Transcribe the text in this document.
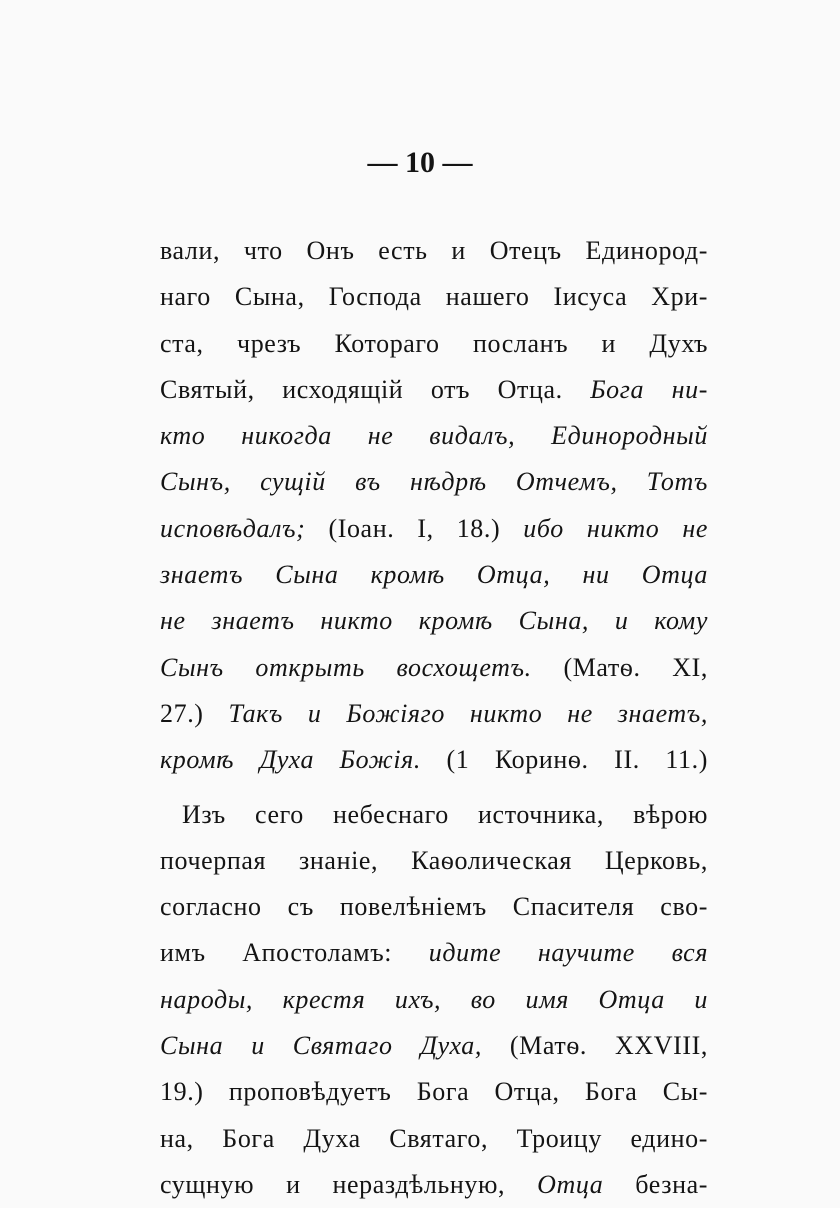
— 10 —
вали, что Онъ есть и Отецъ Единород-
наго Сына, Господа нашего Іисуса Хри-
ста, чрезъ Котораго посланъ и Духъ
Святый, исходящій отъ Отца. Бога ни-
кто никогда не видалъ, Единородный
Сынъ, сущій въ нѣдрѣ Отчемъ, Тотъ
исповѣдалъ; (Іоан. I, 18.) ибо никто не
знаетъ Сына кромѣ Отца, ни Отца
не знаетъ никто кромѣ Сына, и кому
Сынъ открыть восхощетъ. (Матѳ. XI,
27.) Такъ и Божіяго никто не знаетъ,
кромѣ Духа Божія. (1 Коринѳ. II. 11.)
Изъ сего небеснаго источника, вѣрою
почерпая знаніе, Каѳолическая Церковь,
согласно съ повелѣніемъ Спасителя сво-
имъ Апостоламъ: идите научите вся
народы, крестя ихъ, во имя Отца и
Сына и Святаго Духа, (Матѳ. XXVIII,
19.) проповѣдуетъ Бога Отца, Бога Сы-
на, Бога Духа Святаго, Троицу едино-
сущную и нераздѣльную, Отца безна-
